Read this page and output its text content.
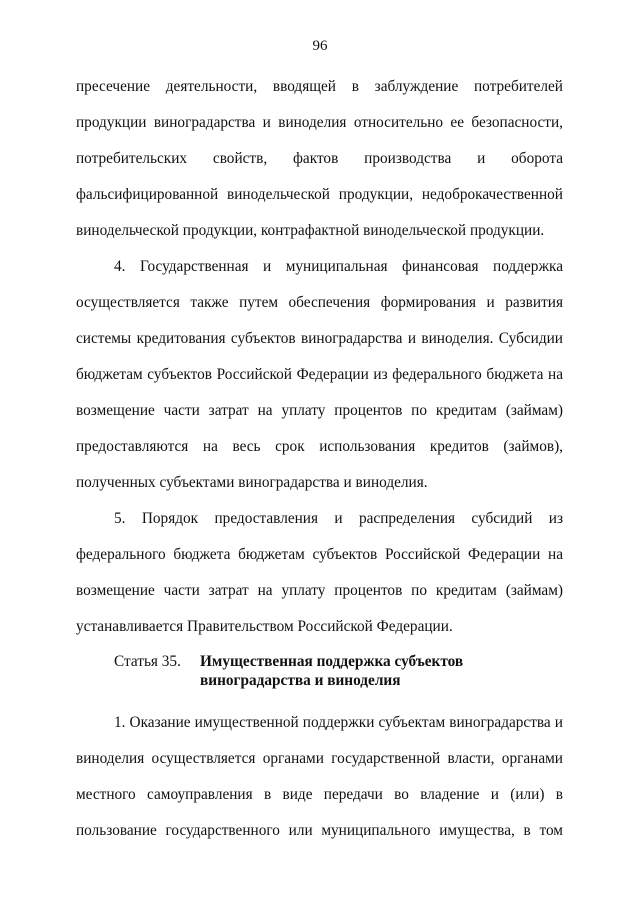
96
пресечение деятельности, вводящей в заблуждение потребителей
продукции виноградарства и виноделия относительно ее безопасности,
потребительских свойств, фактов производства и оборота
фальсифицированной винодельческой продукции, недоброкачественной
винодельческой продукции, контрафактной винодельческой продукции.
4. Государственная и муниципальная финансовая поддержка
осуществляется также путем обеспечения формирования и развития
системы кредитования субъектов виноградарства и виноделия. Субсидии
бюджетам субъектов Российской Федерации из федерального бюджета на
возмещение части затрат на уплату процентов по кредитам (займам)
предоставляются на весь срок использования кредитов (займов),
полученных субъектами виноградарства и виноделия.
5. Порядок предоставления и распределения субсидий из
федерального бюджета бюджетам субъектов Российской Федерации на
возмещение части затрат на уплату процентов по кредитам (займам)
устанавливается Правительством Российской Федерации.
Статья 35. Имущественная поддержка субъектов виноградарства и виноделия
1. Оказание имущественной поддержки субъектам виноградарства и
виноделия осуществляется органами государственной власти, органами
местного самоуправления в виде передачи во владение и (или) в
пользование государственного или муниципального имущества, в том
